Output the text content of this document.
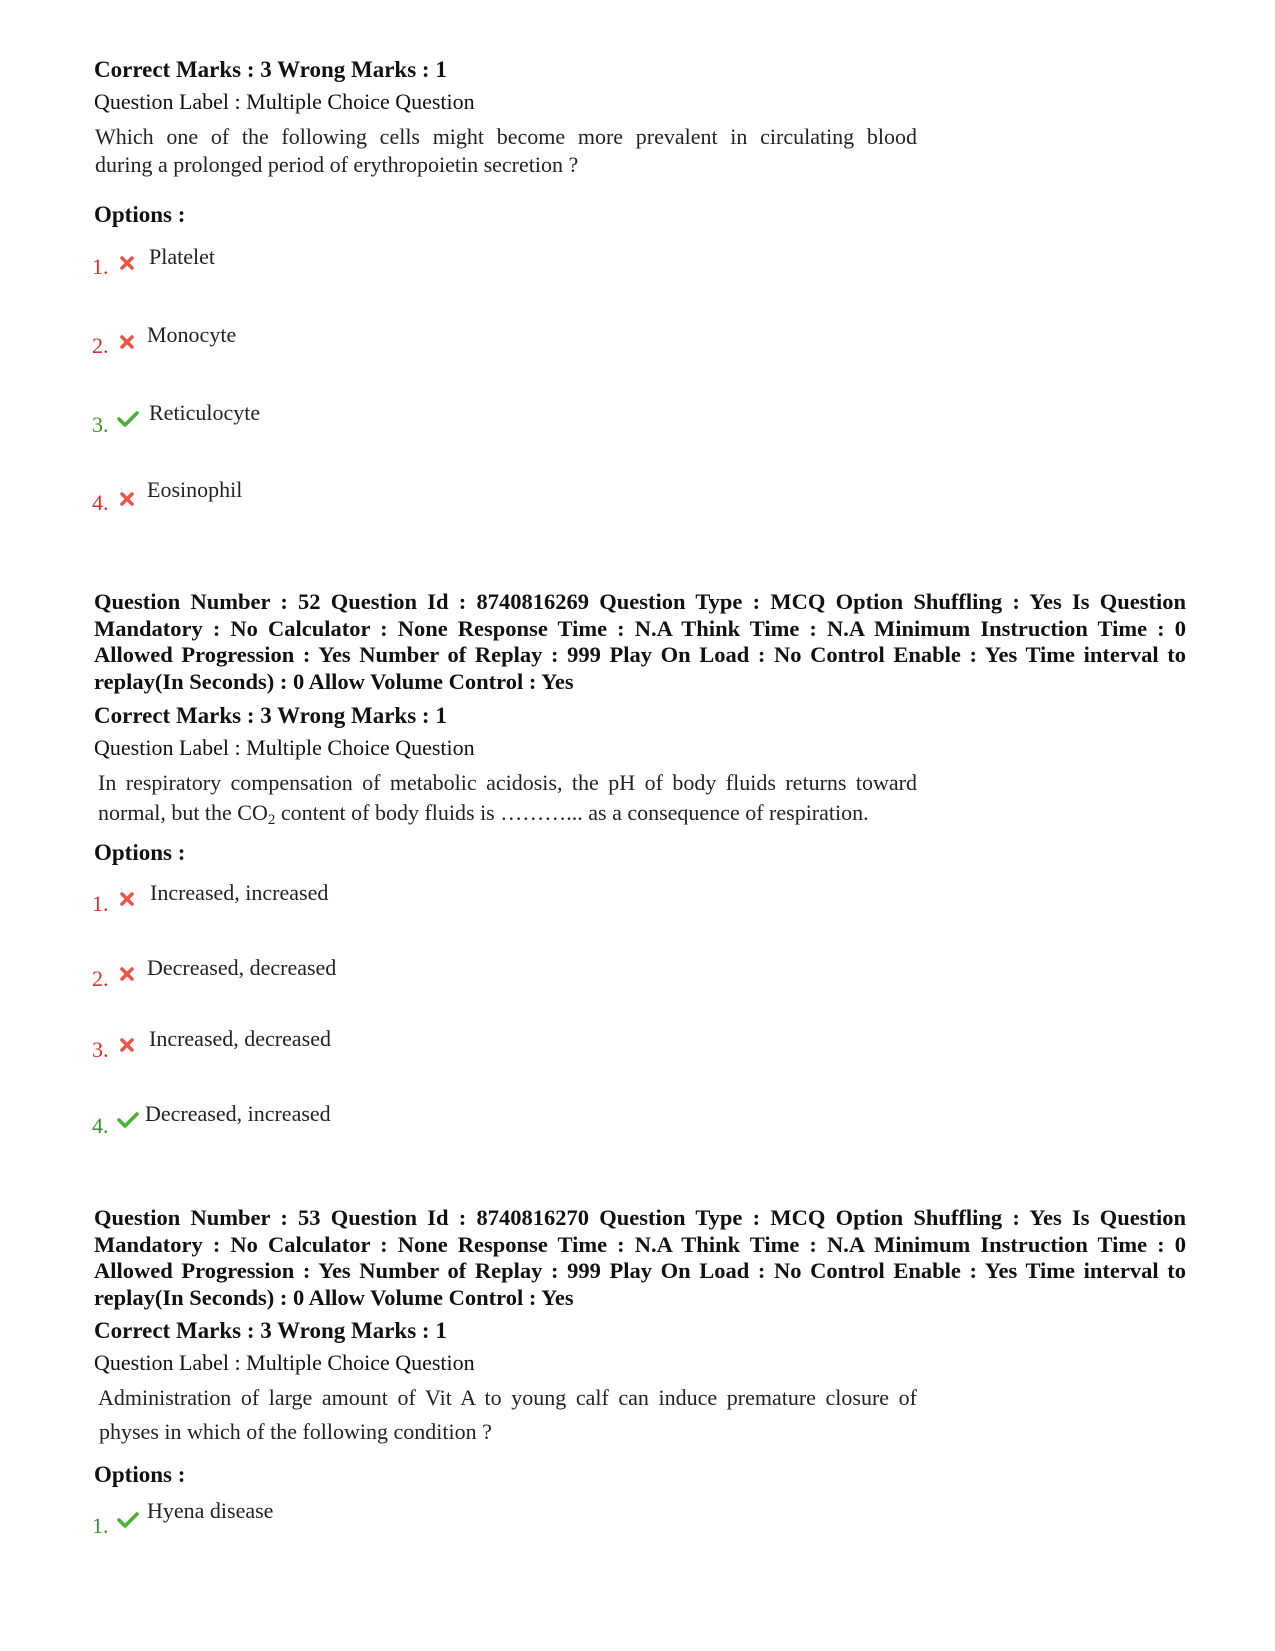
Correct Marks : 3 Wrong Marks : 1
Question Label : Multiple Choice Question
Which one of the following cells might become more prevalent in circulating blood
during a prolonged period of erythropoietin secretion ?
Options :
1. Platelet
2. Monocyte
3. Reticulocyte
4.
Eosinophil
Question Number : 52 Question Id : 8740816269 Question Type : MCQ Option Shuffling : Yes Is Question Mandatory : No Calculator : None Response Time : N.A Think Time : N.A Minimum Instruction Time : 0 Allowed Progression : Yes Number of Replay : 999 Play On Load : No Control Enable : Yes Time interval to replay(In Seconds) : 0 Allow Volume Control : Yes
Correct Marks : 3 Wrong Marks : 1
Question Label : Multiple Choice Question
In respiratory compensation of metabolic acidosis, the pH of body fluids returns toward
normal, but the $CO_2$ content of body fluids is ………... as a consequence of respiration.
Options :
1. Increased, increased
2. Decreased, decreased
3. Increased, decreased
4. Decreased, increased
Question Number : 53 Question Id : 8740816270 Question Type : MCQ Option Shuffling : Yes Is Question Mandatory : No Calculator : None Response Time : N.A Think Time : N.A Minimum Instruction Time : 0 Allowed Progression : Yes Number of Replay : 999 Play On Load : No Control Enable : Yes Time interval to replay(In Seconds) : 0 Allow Volume Control : Yes
Correct Marks : 3 Wrong Marks : 1
Question Label : Multiple Choice Question
Administration of large amount of Vit A to young calf can induce premature closure of
physes in which of the following condition ?
Options :
1.
Hyena disease
